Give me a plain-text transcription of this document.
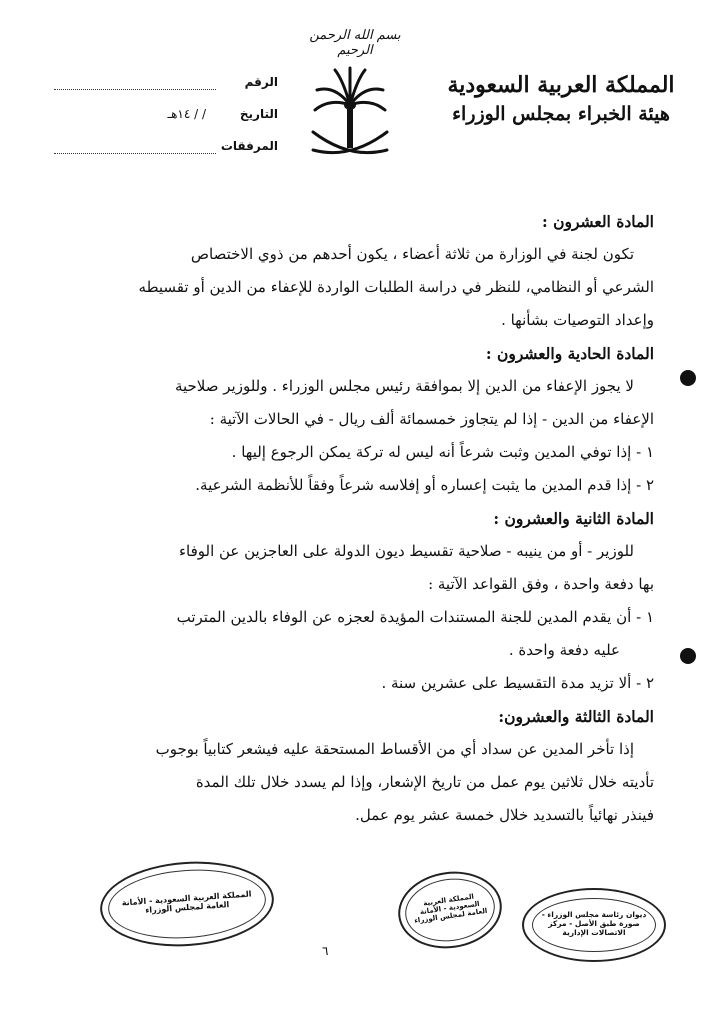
بسم الله الرحمن الرحيم
المملكة العربية السعودية
هيئة الخبراء بمجلس الوزراء
الرقم
التاريخ
/ / ١٤هـ
المرفقات

المادة العشرون :

تكون لجنة في الوزارة من ثلاثة أعضاء ، يكون أحدهم من ذوي الاختصاص

الشرعي أو النظامي، للنظر في دراسة الطلبات الواردة للإعفاء من الدين أو تقسيطه

وإعداد التوصيات بشأنها .

المادة الحادية والعشرون :

لا يجوز الإعفاء من الدين إلا بموافقة رئيس مجلس الوزراء . وللوزير صلاحية

الإعفاء من الدين - إذا لم يتجاوز خمسمائة ألف ريال - في الحالات الآتية :

١ - إذا توفي المدين وثبت شرعاً أنه ليس له تركة يمكن الرجوع إليها .

٢ - إذا قدم المدين ما يثبت إعساره أو إفلاسه شرعاً وفقاً للأنظمة الشرعية.

المادة الثانية والعشرون :

للوزير - أو من ينيبه - صلاحية تقسيط ديون الدولة على العاجزين عن الوفاء

بها دفعة واحدة ، وفق القواعد الآتية :

١ - أن يقدم المدين للجنة المستندات المؤيدة لعجزه عن الوفاء بالدين المترتب

عليه دفعة واحدة .

٢ - ألا تزيد مدة التقسيط على عشرين سنة .

المادة الثالثة والعشرون:

إذا تأخر المدين عن سداد أي من الأقساط المستحقة عليه فيشعر كتابياً بوجوب

تأديته خلال ثلاثين يوم عمل من تاريخ الإشعار، وإذا لم يسدد خلال تلك المدة

فينذر نهائياً بالتسديد خلال خمسة عشر يوم عمل.

المملكة العربية السعودية - الأمانة العامة لمجلس الوزراء	المملكة العربية السعودية - الأمانة العامة لمجلس الوزراء	ديوان رئاسة مجلس الوزراء - صورة طبق الأصل - مركز الاتصالات الإدارية
٦
